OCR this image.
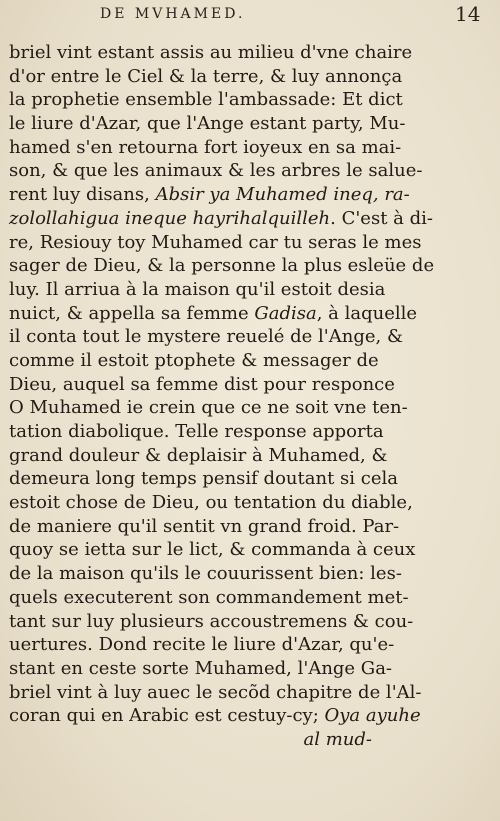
DE MVHAMED.	14
briel vint estant assis au milieu d'vne chaire
d'or entre le Ciel & la terre, & luy annonça
la prophetie ensemble l'ambassade: Et dict
le liure d'Azar, que l'Ange estant party, Mu-
hamed s'en retourna fort ioyeux en sa mai-
son, & que les animaux & les arbres le salue-
rent luy disans, Absir ya Muhamed ineq, ra-
zolollahigua ineque hayrihalquilleh. C'est à di-
re, Resiouy toy Muhamed car tu seras le mes
sager de Dieu, & la personne la plus esleüe de
luy. Il arriua à la maison qu'il estoit desia
nuict, & appella sa femme Gadisa, à laquelle
il conta tout le mystere reuelé de l'Ange, &
comme il estoit ptophete & messager de
Dieu, auquel sa femme dist pour responce
O Muhamed ie crein que ce ne soit vne ten-
tation diabolique. Telle responsе apporta
grand douleur & deplaisir à Muhamed, &
demeura long temps pensif doutant si cela
estoit chose de Dieu, ou tentation du diable,
de maniere qu'il sentit vn grand froid. Par-
quoy se ietta sur le lict, & commanda à ceux
de la maison qu'ils le couurissent bien: les-
quels executerent son commandement met-
tant sur luy plusieurs accoustremens & cou-
uertures. Dond recite le liure d'Azar, qu'e-
stant en ceste sorte Muhamed, l'Ange Ga-
briel vint à luy auec le secõd chapitre de l'Al-
coran qui en Arabic est cestuy-cy; Oya ayuhe
al mud-
